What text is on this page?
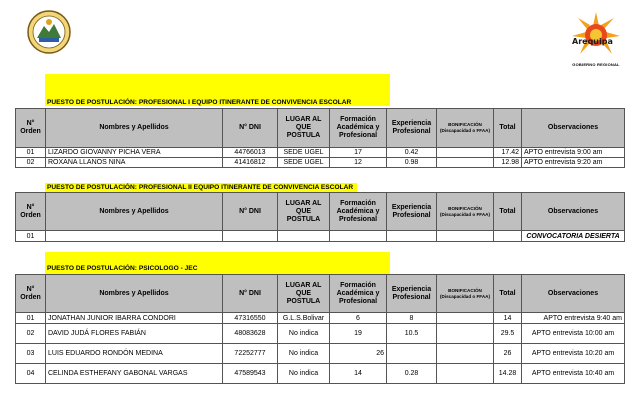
Arequipa
GOBIERNO REGIONAL
PUESTO DE POSTULACIÓN: PROFESIONAL I EQUIPO ITINERANTE DE CONVIVENCIA ESCOLAR
N° Orden	Nombres y Apellidos	N° DNI	LUGAR AL QUE POSTULA	Formación Académica y Profesional	Experiencia Profesional	BONIFICACIÓN (Discapacidad o FFAA)	Total	Observaciones
01	LIZARDO GIOVANNY PICHA VERA	44766013	SEDE UGEL	17	0.42		17.42	APTO entrevista 9:00 am
02	ROXANA LLANOS NINA	41416812	SEDE UGEL	12	0.98		12.98	APTO entrevista 9:20 am
PUESTO DE POSTULACIÓN: PROFESIONAL II EQUIPO ITINERANTE DE CONVIVENCIA ESCOLAR
N° Orden	Nombres y Apellidos	N° DNI	LUGAR AL QUE POSTULA	Formación Académica y Profesional	Experiencia Profesional	BONIFICACIÓN (Discapacidad o FFAA)	Total	Observaciones
01								CONVOCATORIA DESIERTA
PUESTO DE POSTULACIÓN: PSICOLOGO - JEC
N° Orden	Nombres y Apellidos	N° DNI	LUGAR AL QUE POSTULA	Formación Académica y Profesional	Experiencia Profesional	BONIFICACIÓN (Discapacidad o FFAA)	Total	Observaciones
01	JONATHAN JUNIOR IBARRA CONDORI	47316550	G.L.S.Bolivar	6	8		14	APTO entrevista 9:40 am
02	DAVID JUDÁ FLORES FABIÁN	48083628	No indica	19	10.5		29.5	APTO entrevista 10:00 am
03	LUIS EDUARDO RONDÓN MEDINA	72252777	No indica	26			26	APTO entrevista 10:20 am
04	CELINDA ESTHEFANY GABONAL VARGAS	47589543	No indica	14	0.28		14.28	APTO entrevista 10:40 am
